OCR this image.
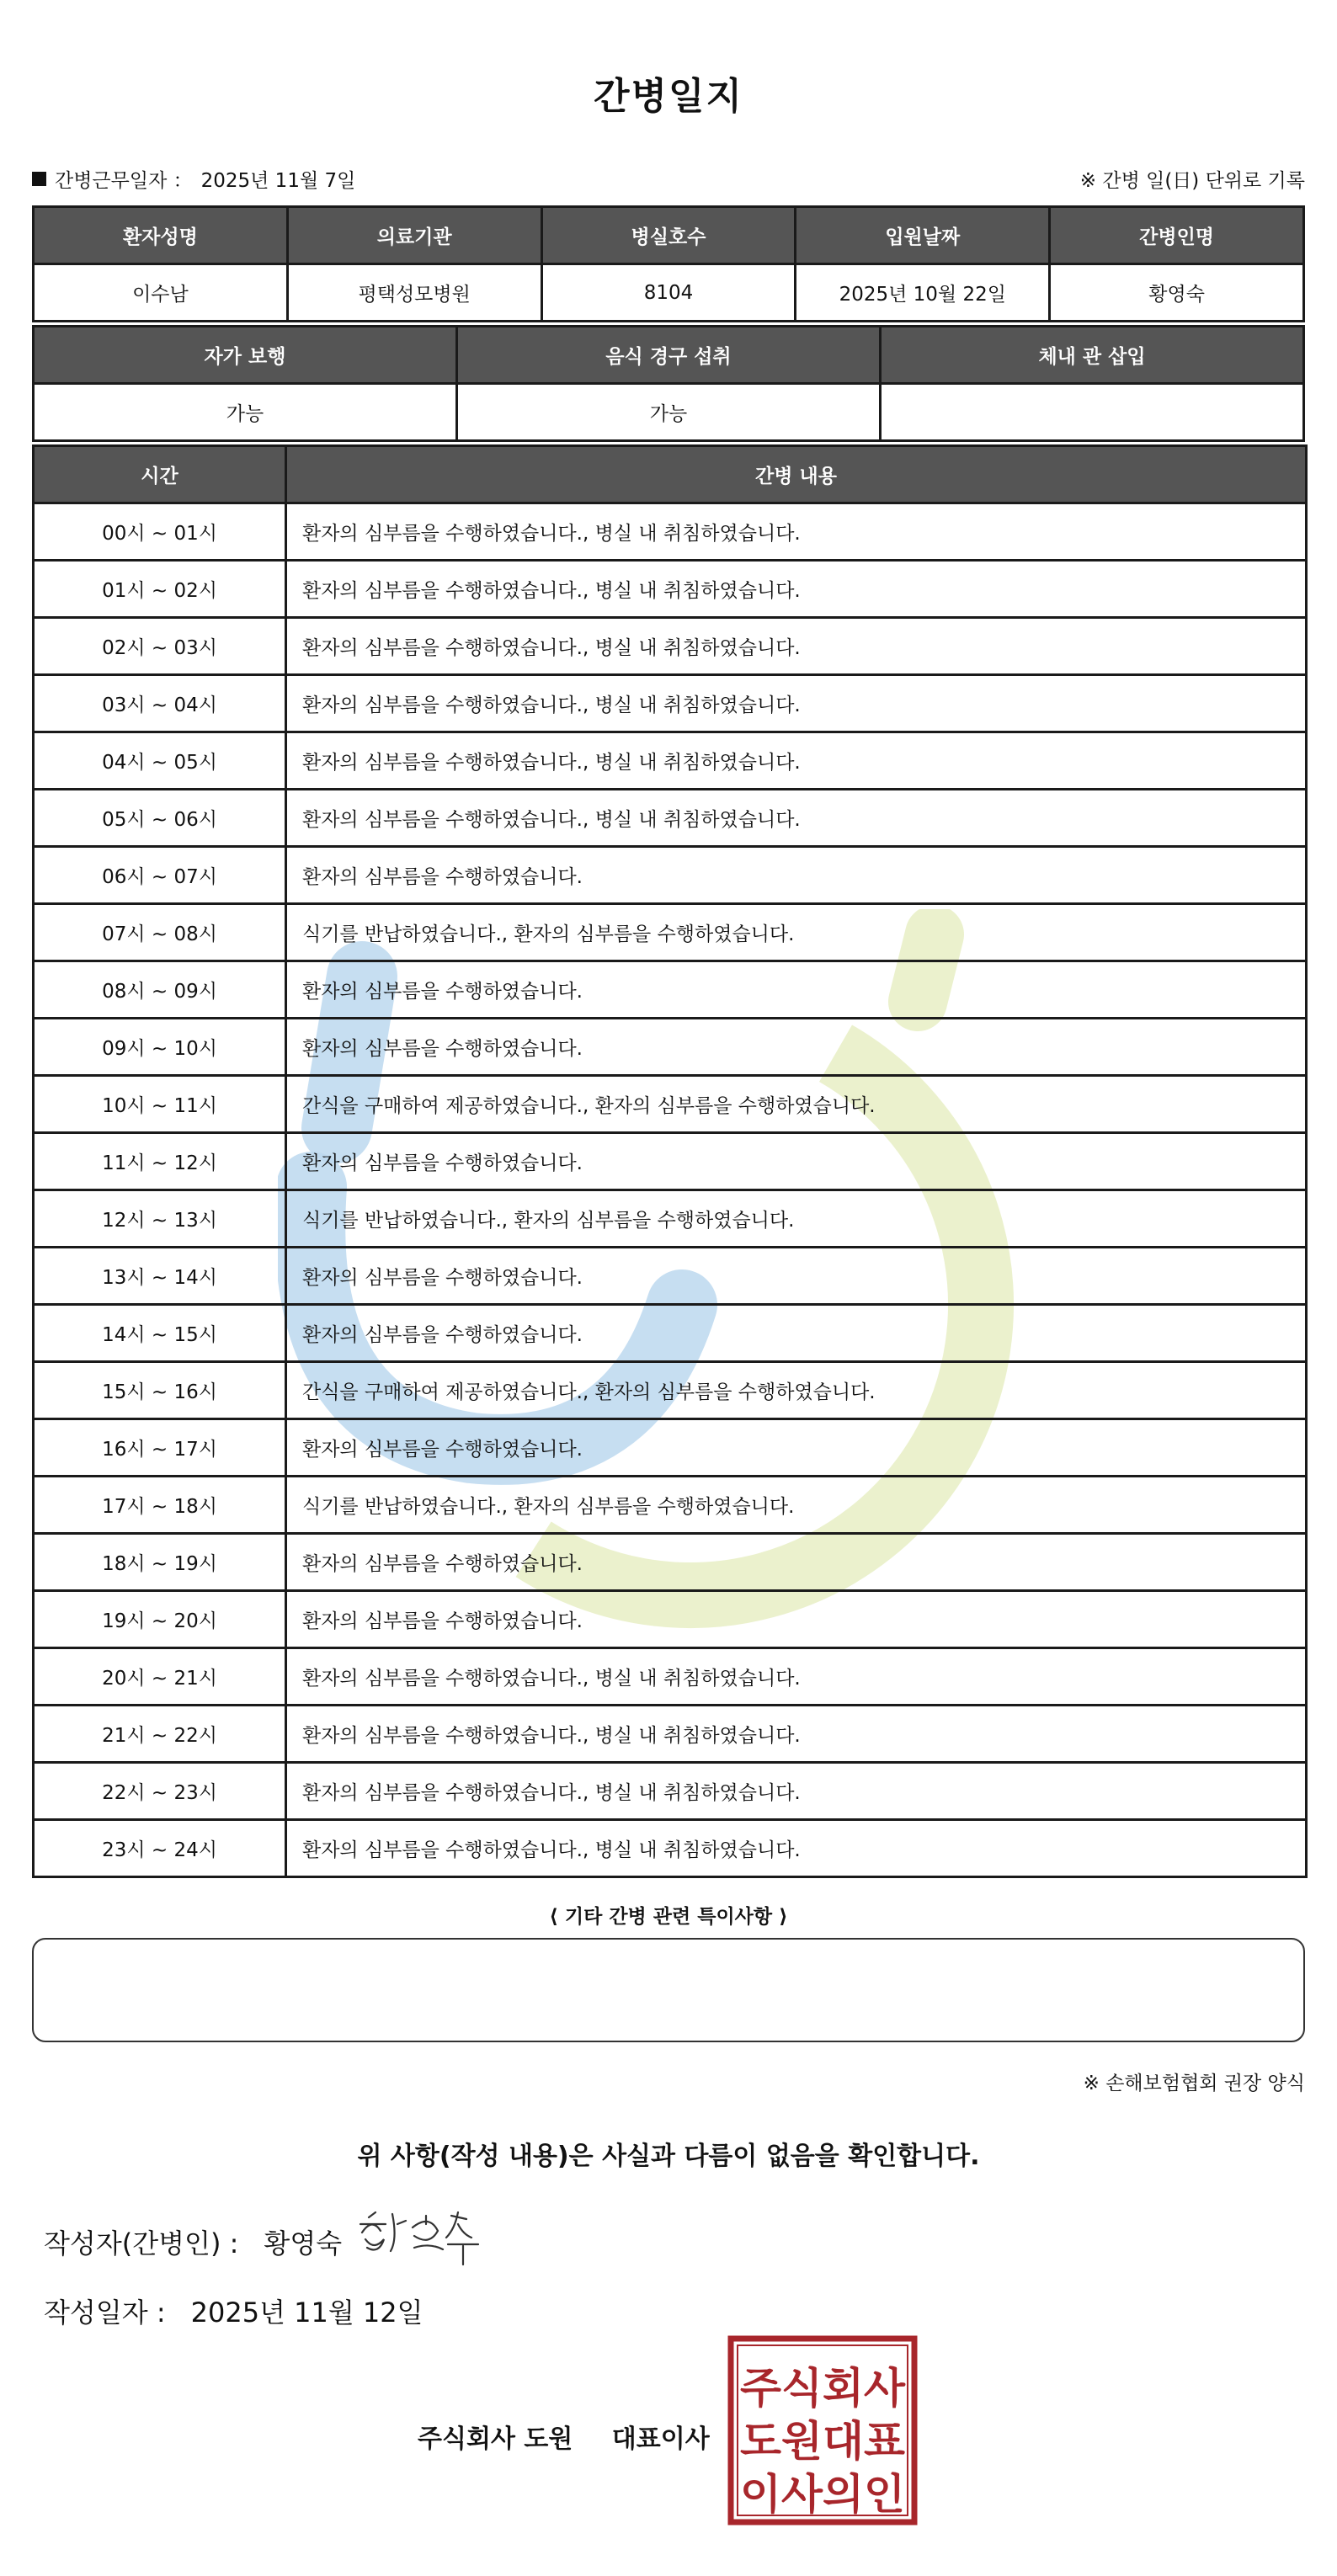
간병일지
간병근무일자 ： 2025년 11월 7일	※ 간병 일(日) 단위로 기록
환자성명	의료기관	병실호수	입원날짜	간병인명
이수남	평택성모병원	8104	2025년 10월 22일	황영숙
자가 보행	음식 경구 섭취	체내 관 삽입
가능	가능	
시간	간병 내용
00시 ~ 01시	환자의 심부름을 수행하였습니다., 병실 내 취침하였습니다.
01시 ~ 02시	환자의 심부름을 수행하였습니다., 병실 내 취침하였습니다.
02시 ~ 03시	환자의 심부름을 수행하였습니다., 병실 내 취침하였습니다.
03시 ~ 04시	환자의 심부름을 수행하였습니다., 병실 내 취침하였습니다.
04시 ~ 05시	환자의 심부름을 수행하였습니다., 병실 내 취침하였습니다.
05시 ~ 06시	환자의 심부름을 수행하였습니다., 병실 내 취침하였습니다.
06시 ~ 07시	환자의 심부름을 수행하였습니다.
07시 ~ 08시	식기를 반납하였습니다., 환자의 심부름을 수행하였습니다.
08시 ~ 09시	환자의 심부름을 수행하였습니다.
09시 ~ 10시	환자의 심부름을 수행하였습니다.
10시 ~ 11시	간식을 구매하여 제공하였습니다., 환자의 심부름을 수행하였습니다.
11시 ~ 12시	환자의 심부름을 수행하였습니다.
12시 ~ 13시	식기를 반납하였습니다., 환자의 심부름을 수행하였습니다.
13시 ~ 14시	환자의 심부름을 수행하였습니다.
14시 ~ 15시	환자의 심부름을 수행하였습니다.
15시 ~ 16시	간식을 구매하여 제공하였습니다., 환자의 심부름을 수행하였습니다.
16시 ~ 17시	환자의 심부름을 수행하였습니다.
17시 ~ 18시	식기를 반납하였습니다., 환자의 심부름을 수행하였습니다.
18시 ~ 19시	환자의 심부름을 수행하였습니다.
19시 ~ 20시	환자의 심부름을 수행하였습니다.
20시 ~ 21시	환자의 심부름을 수행하였습니다., 병실 내 취침하였습니다.
21시 ~ 22시	환자의 심부름을 수행하였습니다., 병실 내 취침하였습니다.
22시 ~ 23시	환자의 심부름을 수행하였습니다., 병실 내 취침하였습니다.
23시 ~ 24시	환자의 심부름을 수행하였습니다., 병실 내 취침하였습니다.
⟨ 기타 간병 관련 특이사항 ⟩
※ 손해보험협회 권장 양식
위 사항(작성 내용)은 사실과 다름이 없음을 확인합니다.
작성자(간병인) : 황영숙
작성일자 : 2025년 11월 12일
주식회사 도원 대표이사
주식회사
도원대표
이사의인
